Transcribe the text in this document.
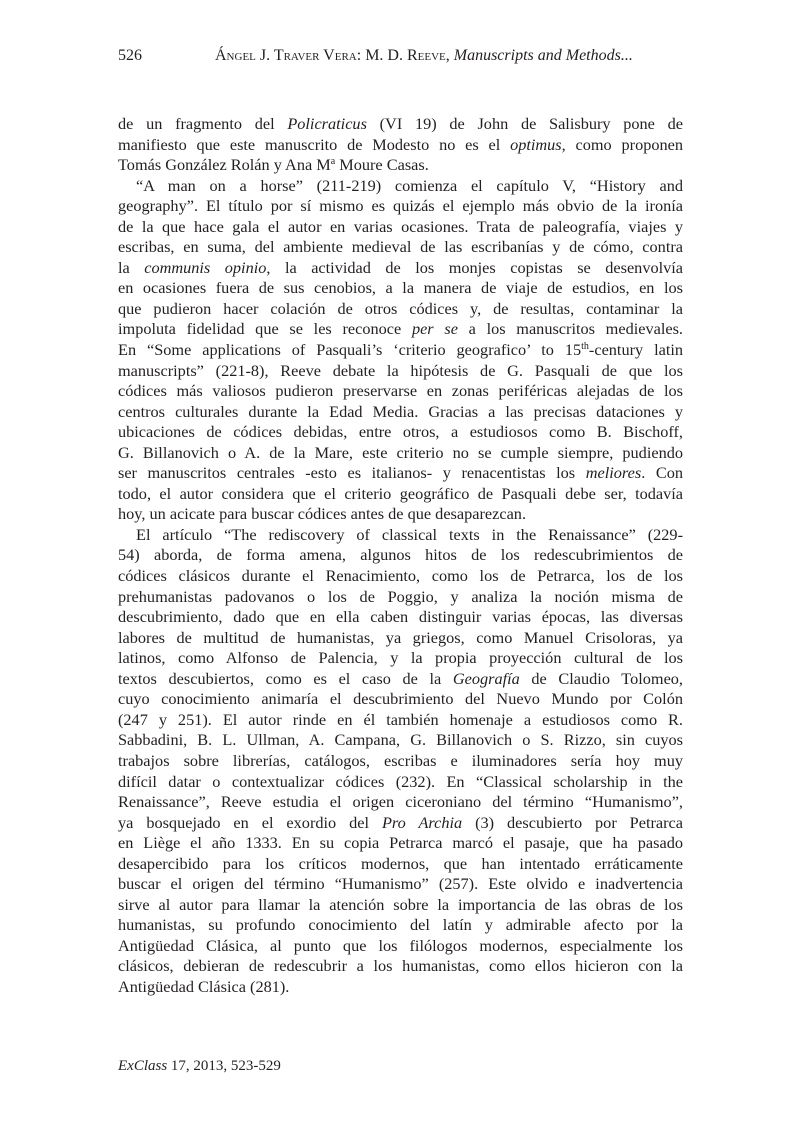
526	Ángel J. Traver Vera: M. D. Reeve, Manuscripts and Methods...
de un fragmento del Policraticus (VI 19) de John de Salisbury pone de
manifiesto que este manuscrito de Modesto no es el optimus, como proponen
Tomás González Rolán y Ana $M^a$ Moure Casas.
“A man on a horse” (211-219) comienza el capítulo V, “History and
geography”. El título por sí mismo es quizás el ejemplo más obvio de la ironía
de la que hace gala el autor en varias ocasiones. Trata de paleografía, viajes y
escribas, en suma, del ambiente medieval de las escribanías y de cómo, contra
la communis opinio, la actividad de los monjes copistas se desenvolvía
en ocasiones fuera de sus cenobios, a la manera de viaje de estudios, en los
que pudieron hacer colación de otros códices y, de resultas, contaminar la
impoluta fidelidad que se les reconoce per se a los manuscritos medievales.
En “Some applications of Pasquali’s ‘criterio geografico’ to 15th-century latin
manuscripts” (221-8), Reeve debate la hipótesis de G. Pasquali de que los
códices más valiosos pudieron preservarse en zonas periféricas alejadas de los
centros culturales durante la Edad Media. Gracias a las precisas dataciones y
ubicaciones de códices debidas, entre otros, a estudiosos como B. Bischoff,
G. Billanovich o A. de la Mare, este criterio no se cumple siempre, pudiendo
ser manuscritos centrales -esto es italianos- y renacentistas los meliores. Con
todo, el autor considera que el criterio geográfico de Pasquali debe ser, todavía
hoy, un acicate para buscar códices antes de que desaparezcan.
El artículo “The rediscovery of classical texts in the Renaissance” (229-
54) aborda, de forma amena, algunos hitos de los redescubrimientos de
códices clásicos durante el Renacimiento, como los de Petrarca, los de los
prehumanistas padovanos o los de Poggio, y analiza la noción misma de
descubrimiento, dado que en ella caben distinguir varias épocas, las diversas
labores de multitud de humanistas, ya griegos, como Manuel Crisoloras, ya
latinos, como Alfonso de Palencia, y la propia proyección cultural de los
textos descubiertos, como es el caso de la Geografía de Claudio Tolomeo,
cuyo conocimiento animaría el descubrimiento del Nuevo Mundo por Colón
(247 y 251). El autor rinde en él también homenaje a estudiosos como R.
Sabbadini, B. L. Ullman, A. Campana, G. Billanovich o S. Rizzo, sin cuyos
trabajos sobre librerías, catálogos, escribas e iluminadores sería hoy muy
difícil datar o contextualizar códices (232). En “Classical scholarship in the
Renaissance”, Reeve estudia el origen ciceroniano del término “Humanismo”,
ya bosquejado en el exordio del Pro Archia (3) descubierto por Petrarca
en Liège el año 1333. En su copia Petrarca marcó el pasaje, que ha pasado
desapercibido para los críticos modernos, que han intentado erráticamente
buscar el origen del término “Humanismo” (257). Este olvido e inadvertencia
sirve al autor para llamar la atención sobre la importancia de las obras de los
humanistas, su profundo conocimiento del latín y admirable afecto por la
Antigüedad Clásica, al punto que los filólogos modernos, especialmente los
clásicos, debieran de redescubrir a los humanistas, como ellos hicieron con la
Antigüedad Clásica (281).
ExClass 17, 2013, 523-529
